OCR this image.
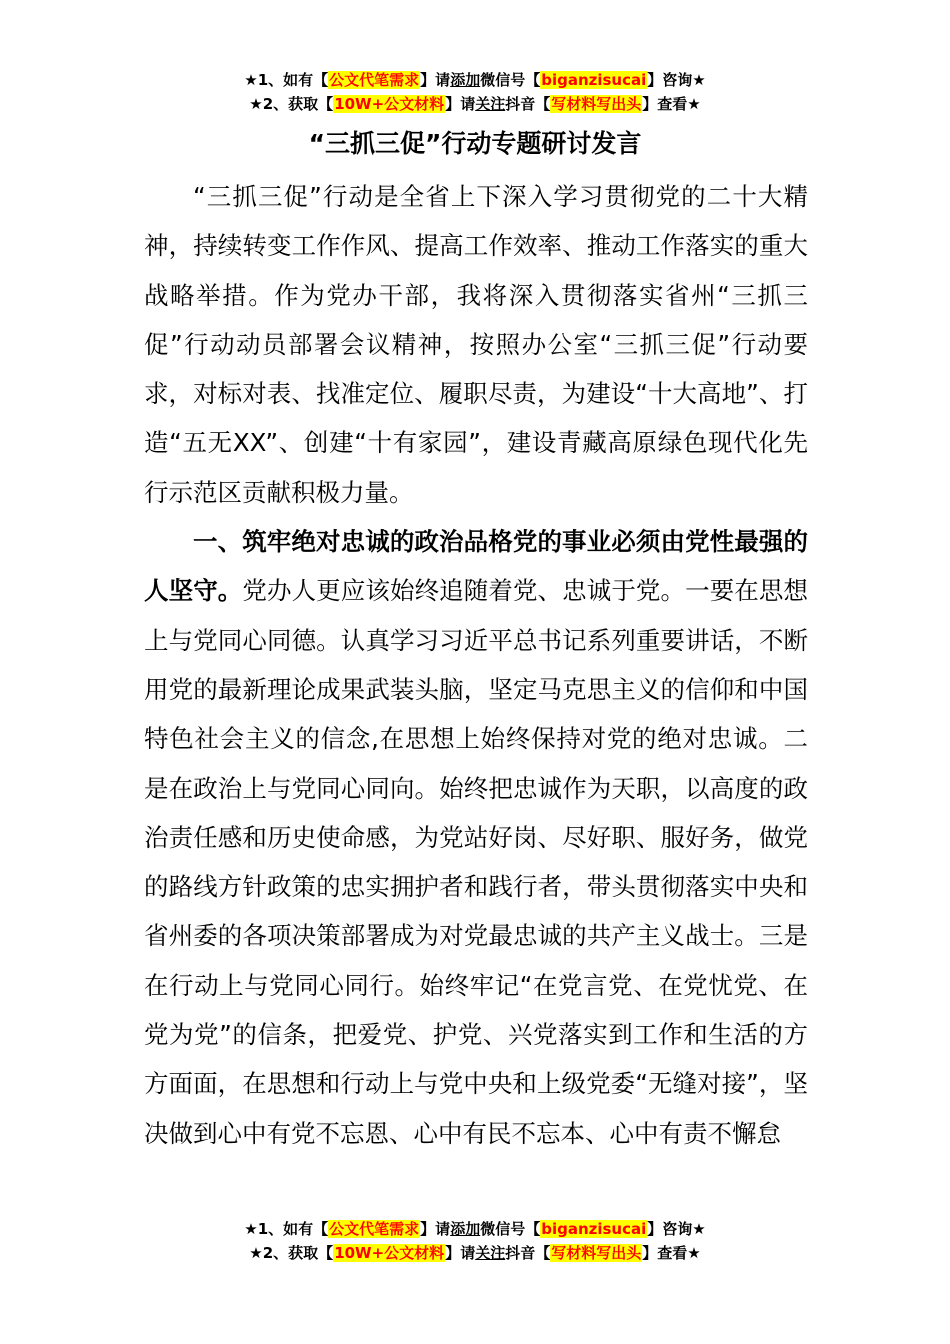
★1、如有【公文代笔需求】请添加微信号【biganzisucai】咨询★
★2、获取【10W+公文材料】请关注抖音【写材料写出头】查看★
“三抓三促”行动专题研讨发言

“三抓三促”行动是全省上下深入学习贯彻党的二十大精神，持续转变工作作风、提高工作效率、推动工作落实的重大战略举措。作为党办干部，我将深入贯彻落实省州“三抓三促”行动动员部署会议精神，按照办公室“三抓三促”行动要求，对标对表、找准定位、履职尽责，为建设“十大高地”、打造“五无XX”、创建“十有家园”，建设青藏高原绿色现代化先行示范区贡献积极力量。

一、筑牢绝对忠诚的政治品格党的事业必须由党性最强的人坚守。党办人更应该始终追随着党、忠诚于党。一要在思想上与党同心同德。认真学习习近平总书记系列重要讲话，不断用党的最新理论成果武装头脑，坚定马克思主义的信仰和中国特色社会主义的信念,在思想上始终保持对党的绝对忠诚。二是在政治上与党同心同向。始终把忠诚作为天职，以高度的政治责任感和历史使命感，为党站好岗、尽好职、服好务，做党的路线方针政策的忠实拥护者和践行者，带头贯彻落实中央和省州委的各项决策部署成为对党最忠诚的共产主义战士。三是在行动上与党同心同行。始终牢记“在党言党、在党忧党、在党为党”的信条，把爱党、护党、兴党落实到工作和生活的方方面面，在思想和行动上与党中央和上级党委“无缝对接”，坚决做到心中有党不忘恩、心中有民不忘本、心中有责不懈怠

★1、如有【公文代笔需求】请添加微信号【biganzisucai】咨询★
★2、获取【10W+公文材料】请关注抖音【写材料写出头】查看★
